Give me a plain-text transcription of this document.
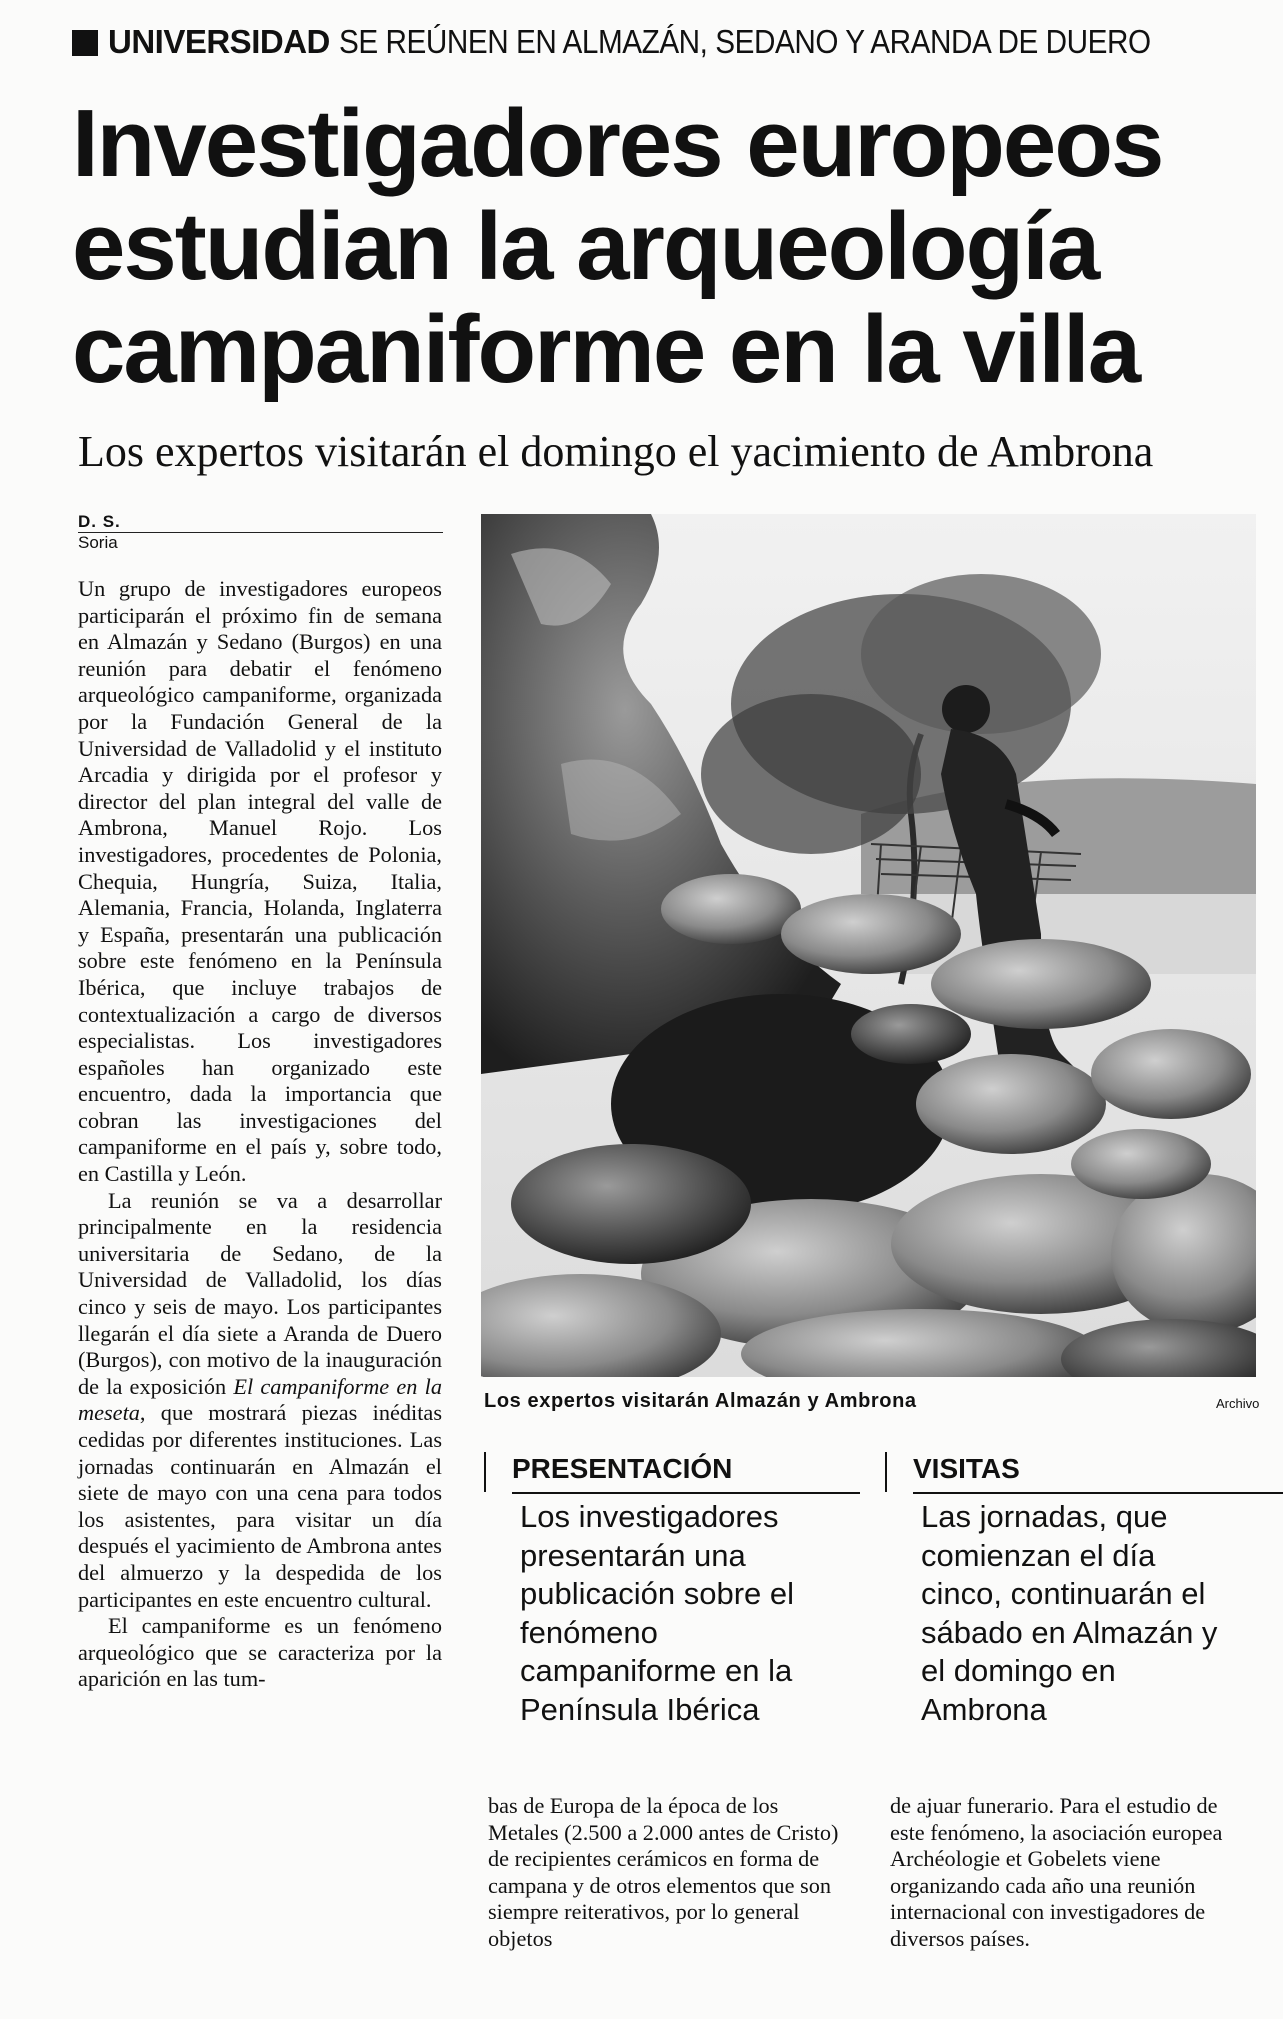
UNIVERSIDAD SE REÚNEN EN ALMAZÁN, SEDANO Y ARANDA DE DUERO
Investigadores europeos
estudian la arqueología
campaniforme en la villa
Los expertos visitarán el domingo el yacimiento de Ambrona
D. S.
Soria

Un grupo de investigadores europeos participarán el próximo fin de semana en Almazán y Sedano (Burgos) en una reunión para debatir el fenómeno arqueológico campaniforme, organizada por la Fundación General de la Universidad de Valladolid y el instituto Arcadia y dirigida por el profesor y director del plan integral del valle de Ambrona, Manuel Rojo. Los investigadores, procedentes de Polonia, Chequia, Hungría, Suiza, Italia, Alemania, Francia, Holanda, Inglaterra y España, presentarán una publicación sobre este fenómeno en la Península Ibérica, que incluye trabajos de contextualización a cargo de diversos especialistas. Los investigadores españoles han organizado este encuentro, dada la importancia que cobran las investigaciones del campaniforme en el país y, sobre todo, en Castilla y León.

La reunión se va a desarrollar principalmente en la residencia universitaria de Sedano, de la Universidad de Valladolid, los días cinco y seis de mayo. Los participantes llegarán el día siete a Aranda de Duero (Burgos), con motivo de la inauguración de la exposición El campaniforme en la meseta, que mostrará piezas inéditas cedidas por diferentes instituciones. Las jornadas continuarán en Almazán el siete de mayo con una cena para todos los asistentes, para visitar un día después el yacimiento de Ambrona antes del almuerzo y la despedida de los participantes en este encuentro cultural.

El campaniforme es un fenómeno arqueológico que se caracteriza por la aparición en las tum-

Los expertos visitarán Almazán y Ambrona	Archivo
PRESENTACIÓN
Los investigadores
presentarán una
publicación sobre el
fenómeno
campaniforme en la
Península Ibérica
VISITAS
Las jornadas, que
comienzan el día
cinco, continuarán el
sábado en Almazán y
el domingo en
Ambrona

bas de Europa de la época de los Metales (2.500 a 2.000 antes de Cristo) de recipientes cerámicos en forma de campana y de otros elementos que son siempre reiterativos, por lo general objetos

de ajuar funerario. Para el estudio de este fenómeno, la asociación europea Archéologie et Gobelets viene organizando cada año una reunión internacional con investigadores de diversos países.
